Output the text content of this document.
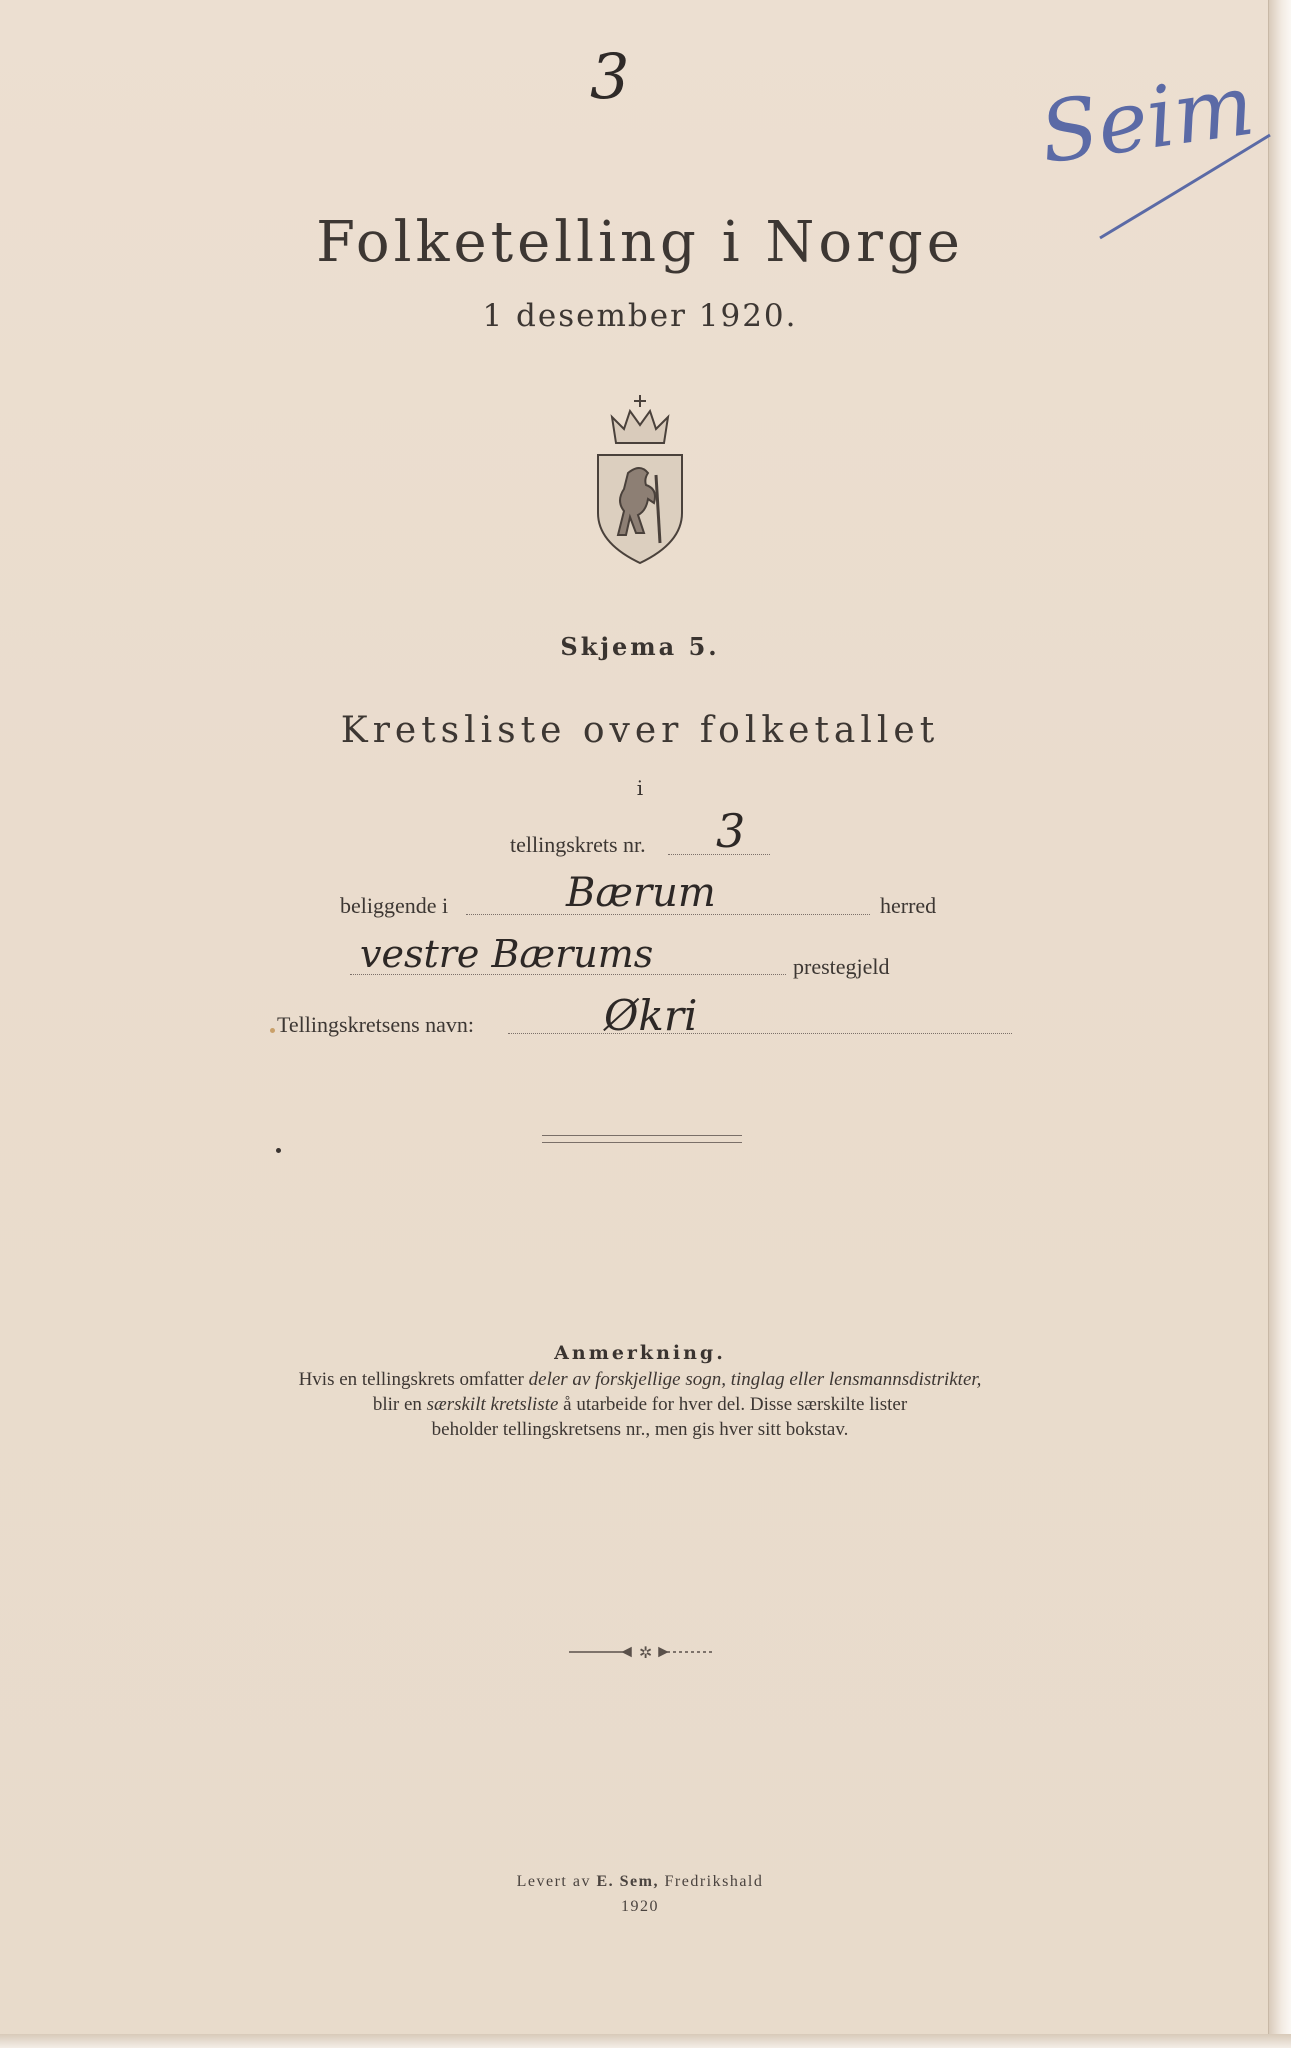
3	Seim
Folketelling i Norge
1 desember 1920.
Skjema 5.
Kretsliste over folketallet
i
tellingskrets nr. 3
beliggende i	Bærum	herred
vestre Bærums	prestegjeld
Tellingskretsens navn:	Økri
Anmerkning.
Hvis en tellingskrets omfatter deler av forskjellige sogn, tinglag eller lensmannsdistrikter,
blir en særskilt kretsliste å utarbeide for hver del. Disse særskilte lister
beholder tellingskretsens nr., men gis hver sitt bokstav.
✲
Levert av E. Sem, Fredrikshald
1920
